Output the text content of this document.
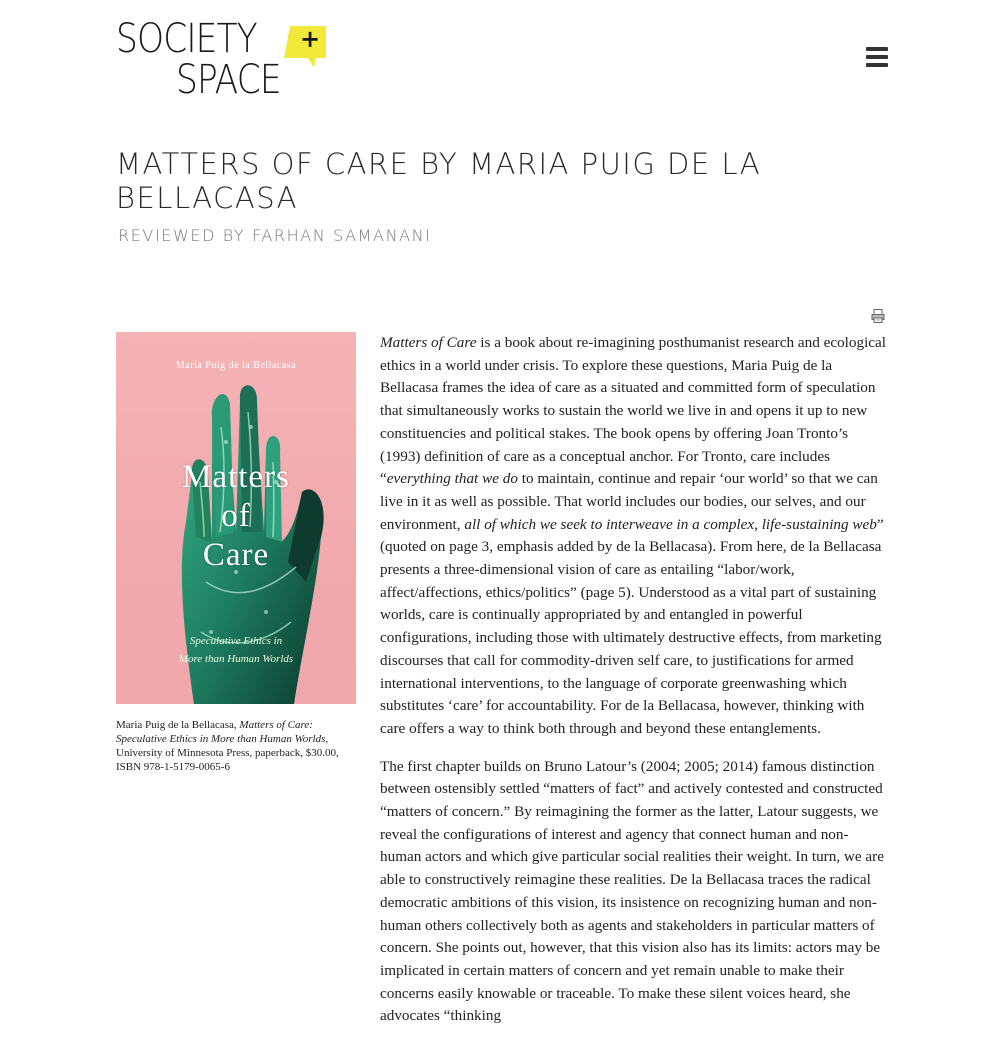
+
SOCIETY
SPACE
MATTERS OF CARE BY MARIA PUIG DE LA BELLACASA
REVIEWED BY FARHAN SAMANANI
Maria Puig de la Bellacasa
Matters
of
Care
Speculative Ethics in
More than Human Worlds
Maria Puig de la Bellacasa, Matters of Care: Speculative Ethics in More than Human Worlds, University of Minnesota Press, paperback, $30.00, ISBN 978-1-5179-0065-6

Matters of Care is a book about re-imagining posthumanist research and ecological ethics in a world under crisis. To explore these questions, Maria Puig de la Bellacasa frames the idea of care as a situated and committed form of speculation that simultaneously works to sustain the world we live in and opens it up to new constituencies and political stakes. The book opens by offering Joan Tronto’s (1993) definition of care as a conceptual anchor. For Tronto, care includes “everything that we do to maintain, continue and repair ‘our world’ so that we can live in it as well as possible. That world includes our bodies, our selves, and our environment, all of which we seek to interweave in a complex, life-sustaining web” (quoted on page 3, emphasis added by de la Bellacasa). From here, de la Bellacasa presents a three-dimensional vision of care as entailing “labor/work, affect/affections, ethics/politics” (page 5). Understood as a vital part of sustaining worlds, care is continually appropriated by and entangled in powerful configurations, including those with ultimately destructive effects, from marketing discourses that call for commodity-driven self care, to justifications for armed international interventions, to the language of corporate greenwashing which substitutes ‘care’ for accountability. For de la Bellacasa, however, thinking with care offers a way to think both through and beyond these entanglements.

The first chapter builds on Bruno Latour’s (2004; 2005; 2014) famous distinction between ostensibly settled “matters of fact” and actively contested and constructed “matters of concern.” By reimagining the former as the latter, Latour suggests, we reveal the configurations of interest and agency that connect human and non-human actors and which give particular social realities their weight. In turn, we are able to constructively reimagine these realities. De la Bellacasa traces the radical democratic ambitions of this vision, its insistence on recognizing human and non-human others collectively both as agents and stakeholders in particular matters of concern. She points out, however, that this vision also has its limits: actors may be implicated in certain matters of concern and yet remain unable to make their concerns easily knowable or traceable. To make these silent voices heard, she advocates “thinking
